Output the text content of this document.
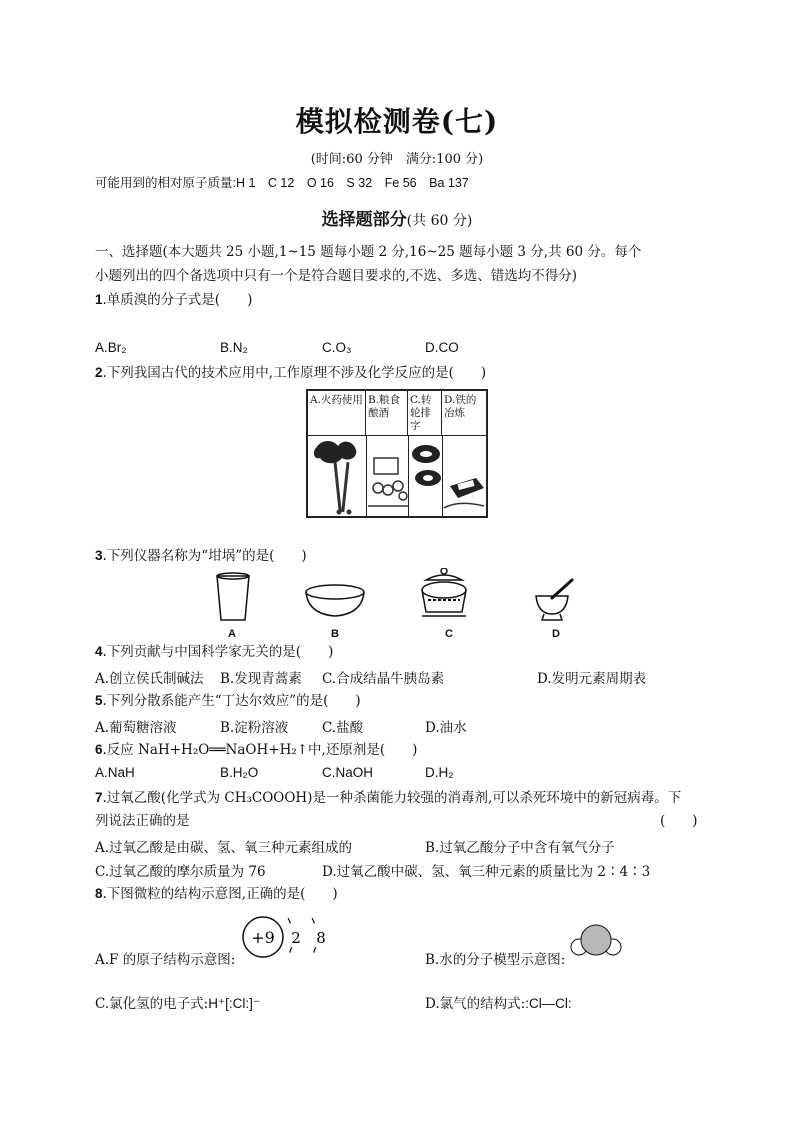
模拟检测卷(七)
(时间:60 分钟　满分:100 分)
可能用到的相对原子质量:H 1　C 12　O 16　S 32　Fe 56　Ba 137
选择题部分(共 60 分)
一、选择题(本大题共 25 小题,1~15 题每小题 2 分,16~25 题每小题 3 分,共 60 分。每个
小题列出的四个备选项中只有一个是符合题目要求的,不选、多选、错选均不得分)
1.单质溴的分子式是(　　)
A.Br₂	B.N₂	C.O₃	D.CO
2.下列我国古代的技术应用中,工作原理不涉及化学反应的是(　　)
A.火药使用 B.粮食酿酒
C.转轮排字
D.铁的冶炼
3.下列仪器名称为“坩埚”的是(　　)
A	B	C	D
4.下列贡献与中国科学家无关的是(　　)
A.创立侯氏制碱法 B.发现青蒿素 C.合成结晶牛胰岛素	D.发明元素周期表
5.下列分散系能产生“丁达尔效应”的是(　　)
A.葡萄糖溶液	B.淀粉溶液	C.盐酸	D.油水
6.反应 NaH+H₂O══NaOH+H₂↑中,还原剂是(　　)
A.NaH	B.H₂O	C.NaOH	D.H₂
7.过氧乙酸(化学式为 CH₃COOOH)是一种杀菌能力较强的消毒剂,可以杀死环境中的新冠病毒。下
列说法正确的是	(　　)
A.过氧乙酸是由碳、氢、氧三种元素组成的	B.过氧乙酸分子中含有氧气分子
C.过氧乙酸的摩尔质量为 76	D.过氧乙酸中碳、氢、氧三种元素的质量比为 2∶4∶3
8.下图微粒的结构示意图,正确的是(　　)
A.F 的原子结构示意图:
+9 2 8
B.水的分子模型示意图:
C.氯化氢的电子式:H⁺[:Cl:]⁻	D.氯气的结构式::Cl—Cl:
